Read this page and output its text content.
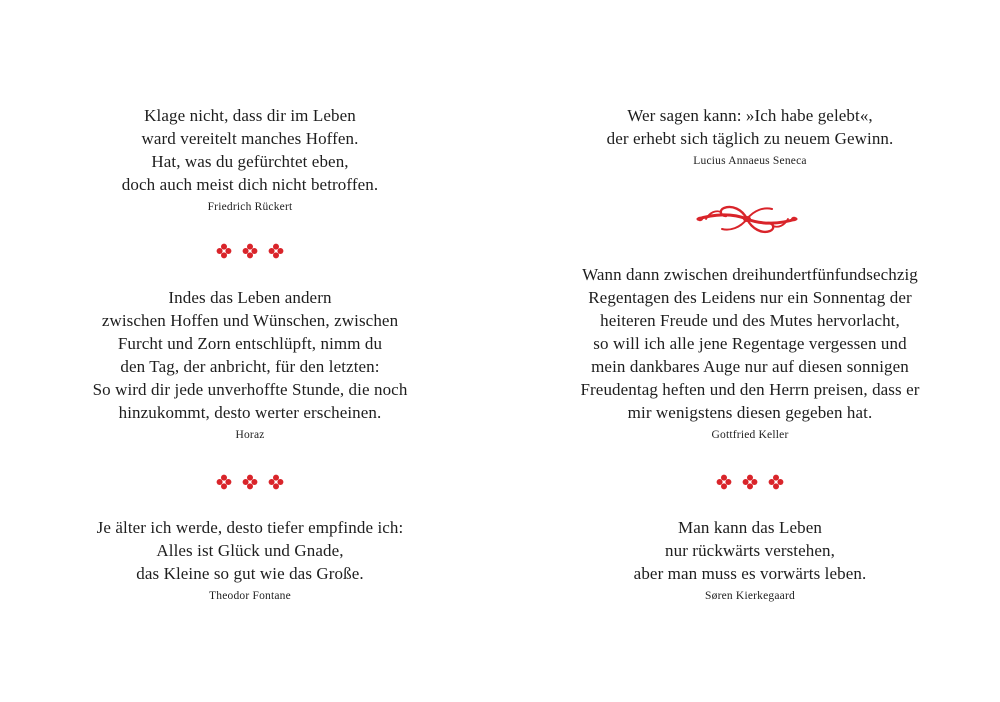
Klage nicht, dass dir im Leben
ward vereitelt manches Hoffen.
Hat, was du gefürchtet eben,
doch auch meist dich nicht betroffen.
Friedrich Rückert

Indes das Leben andern
zwischen Hoffen und Wünschen, zwischen
Furcht und Zorn entschlüpft, nimm du
den Tag, der anbricht, für den letzten:
So wird dir jede unverhoffte Stunde, die noch
hinzukommt, desto werter erscheinen.
Horaz

Je älter ich werde, desto tiefer empfinde ich:
Alles ist Glück und Gnade,
das Kleine so gut wie das Große.
Theodor Fontane
Wer sagen kann: »Ich habe gelebt«,
der erhebt sich täglich zu neuem Gewinn.
Lucius Annaeus Seneca
Wann dann zwischen dreihundertfünfundsechzig
Regentagen des Leidens nur ein Sonnentag der
heiteren Freude und des Mutes hervorlacht,
so will ich alle jene Regentage vergessen und
mein dankbares Auge nur auf diesen sonnigen
Freudentag heften und den Herrn preisen, dass er
mir wenigstens diesen gegeben hat.
Gottfried Keller

Man kann das Leben
nur rückwärts verstehen,
aber man muss es vorwärts leben.
Søren Kierkegaard
